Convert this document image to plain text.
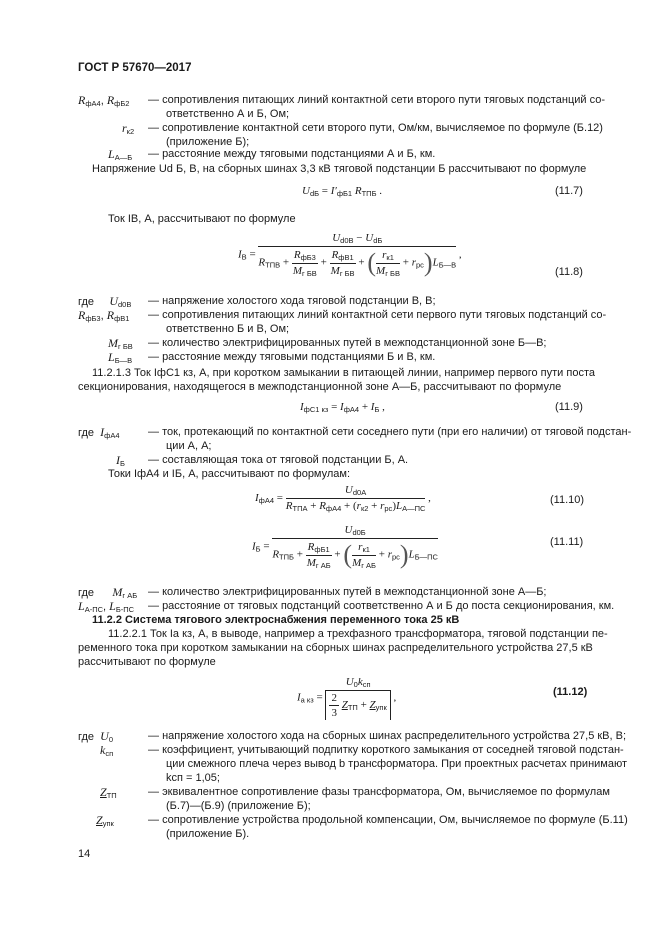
ГОСТ Р 57670—2017
$R_{фА4}$, $R_{фБ2}$ — сопротивления питающих линий контактной сети второго пути тяговых подстанций со-
ответственно А и Б, Ом;
$r_{к2}$ — сопротивление контактной сети второго пути, Ом/км, вычисляемое по формуле (Б.12)
(приложение Б);
$L_{А—Б}$ — расстояние между тяговыми подстанциями А и Б, км.
Напряжение Ud Б, В, на сборных шинах 3,3 кВ тяговой подстанции Б рассчитывают по формуле
$U_{dБ} = I'_{фБ1}$ $R_{ТПБ}$ .	(11.7)
Ток IВ, А, рассчитывают по формуле
$I_В = \frac{U_{d0В} - U_{dБ}}{R_{ТПВ} + \frac{R_{фБ3}}{M_{г БВ}} + \frac{R_{фВ1}}{M_{г БВ}} + ( \frac{r_{к1}}{M_{г БВ}} + r_{рс})L_{Б—В}}$ ,
(11.8)
где     $U_{d0В}$ — напряжение холостого хода тяговой подстанции В, В;
$R_{фБ3}$, $R_{фВ1}$ — сопротивления питающих линий контактной сети первого пути тяговых подстанций со-
ответственно Б и В, Ом;
$M_{г БВ}$ — количество электрифицированных путей в межподстанционной зоне Б—В;
$L_{Б—В}$ — расстояние между тяговыми подстанциями Б и В, км.
11.2.1.3 Ток IфС1 кз, А, при коротком замыкании в питающей линии, например первого пути поста
секционирования, находящегося в межподстанционной зоне А—Б, рассчитывают по формуле
$I_{фС1 кз} = I_{фА4} + I_Б$ ,	(11.9)
где  $I_{фА4}$	— ток, протекающий по контактной сети соседнего пути (при его наличии) от тяговой подстан-
ции А, А;
$I_Б$ — составляющая тока от тяговой подстанции Б, А.
Токи IфА4 и IБ, А, рассчитывают по формулам:
$I_{фА4} = \frac{U_{d0А}}{R_{ТПА} + R_{фА4} + (r_{к2} + r_{рс})L_{А—ПС}}$ ,	(11.10)
$I_Б = \frac{U_{d0Б}}{R_{ТПБ} + \frac{R_{фБ1}}{M_{г АБ}} + ( \frac{r_{к1}}{M_{г АБ}} + r_{рс})L_{Б—ПС}}$	(11.11)
где      $M_{г АБ}$ — количество электрифицированных путей в межподстанционной зоне А—Б;
$L_{А-ПС}$, $L_{Б-ПС}$ — расстояние от тяговых подстанций соответственно А и Б до поста секционирования, км.
11.2.2 Система тягового электроснабжения переменного тока 25 кВ
11.2.2.1 Ток Ia кз, А, в выводе, например a трехфазного трансформатора, тяговой подстанции пе-
ременного тока при коротком замыкании на сборных шинах распределительного устройства 27,5 кВ
рассчитывают по формуле
$I_{a кз} = \frac{U_0k_{сп}}{\frac{2}{3} Z_{ТП} + Z_{упк}}$ ,	(11.12)
где  $U_0$	— напряжение холостого хода на сборных шинах распределительного устройства 27,5 кВ, В;
$k_{сп}$	— коэффициент, учитывающий подпитку короткого замыкания от соседней тяговой подстан-
ции смежного плеча через вывод b трансформатора. При проектных расчетах принимают
kсп = 1,05;
$Z_{ТП}$	— эквивалентное сопротивление фазы трансформатора, Ом, вычисляемое по формулам
(Б.7)—(Б.9) (приложение Б);
$Z_{упк}$	— сопротивление устройства продольной компенсации, Ом, вычисляемое по формуле (Б.11)
(приложение Б).
14
